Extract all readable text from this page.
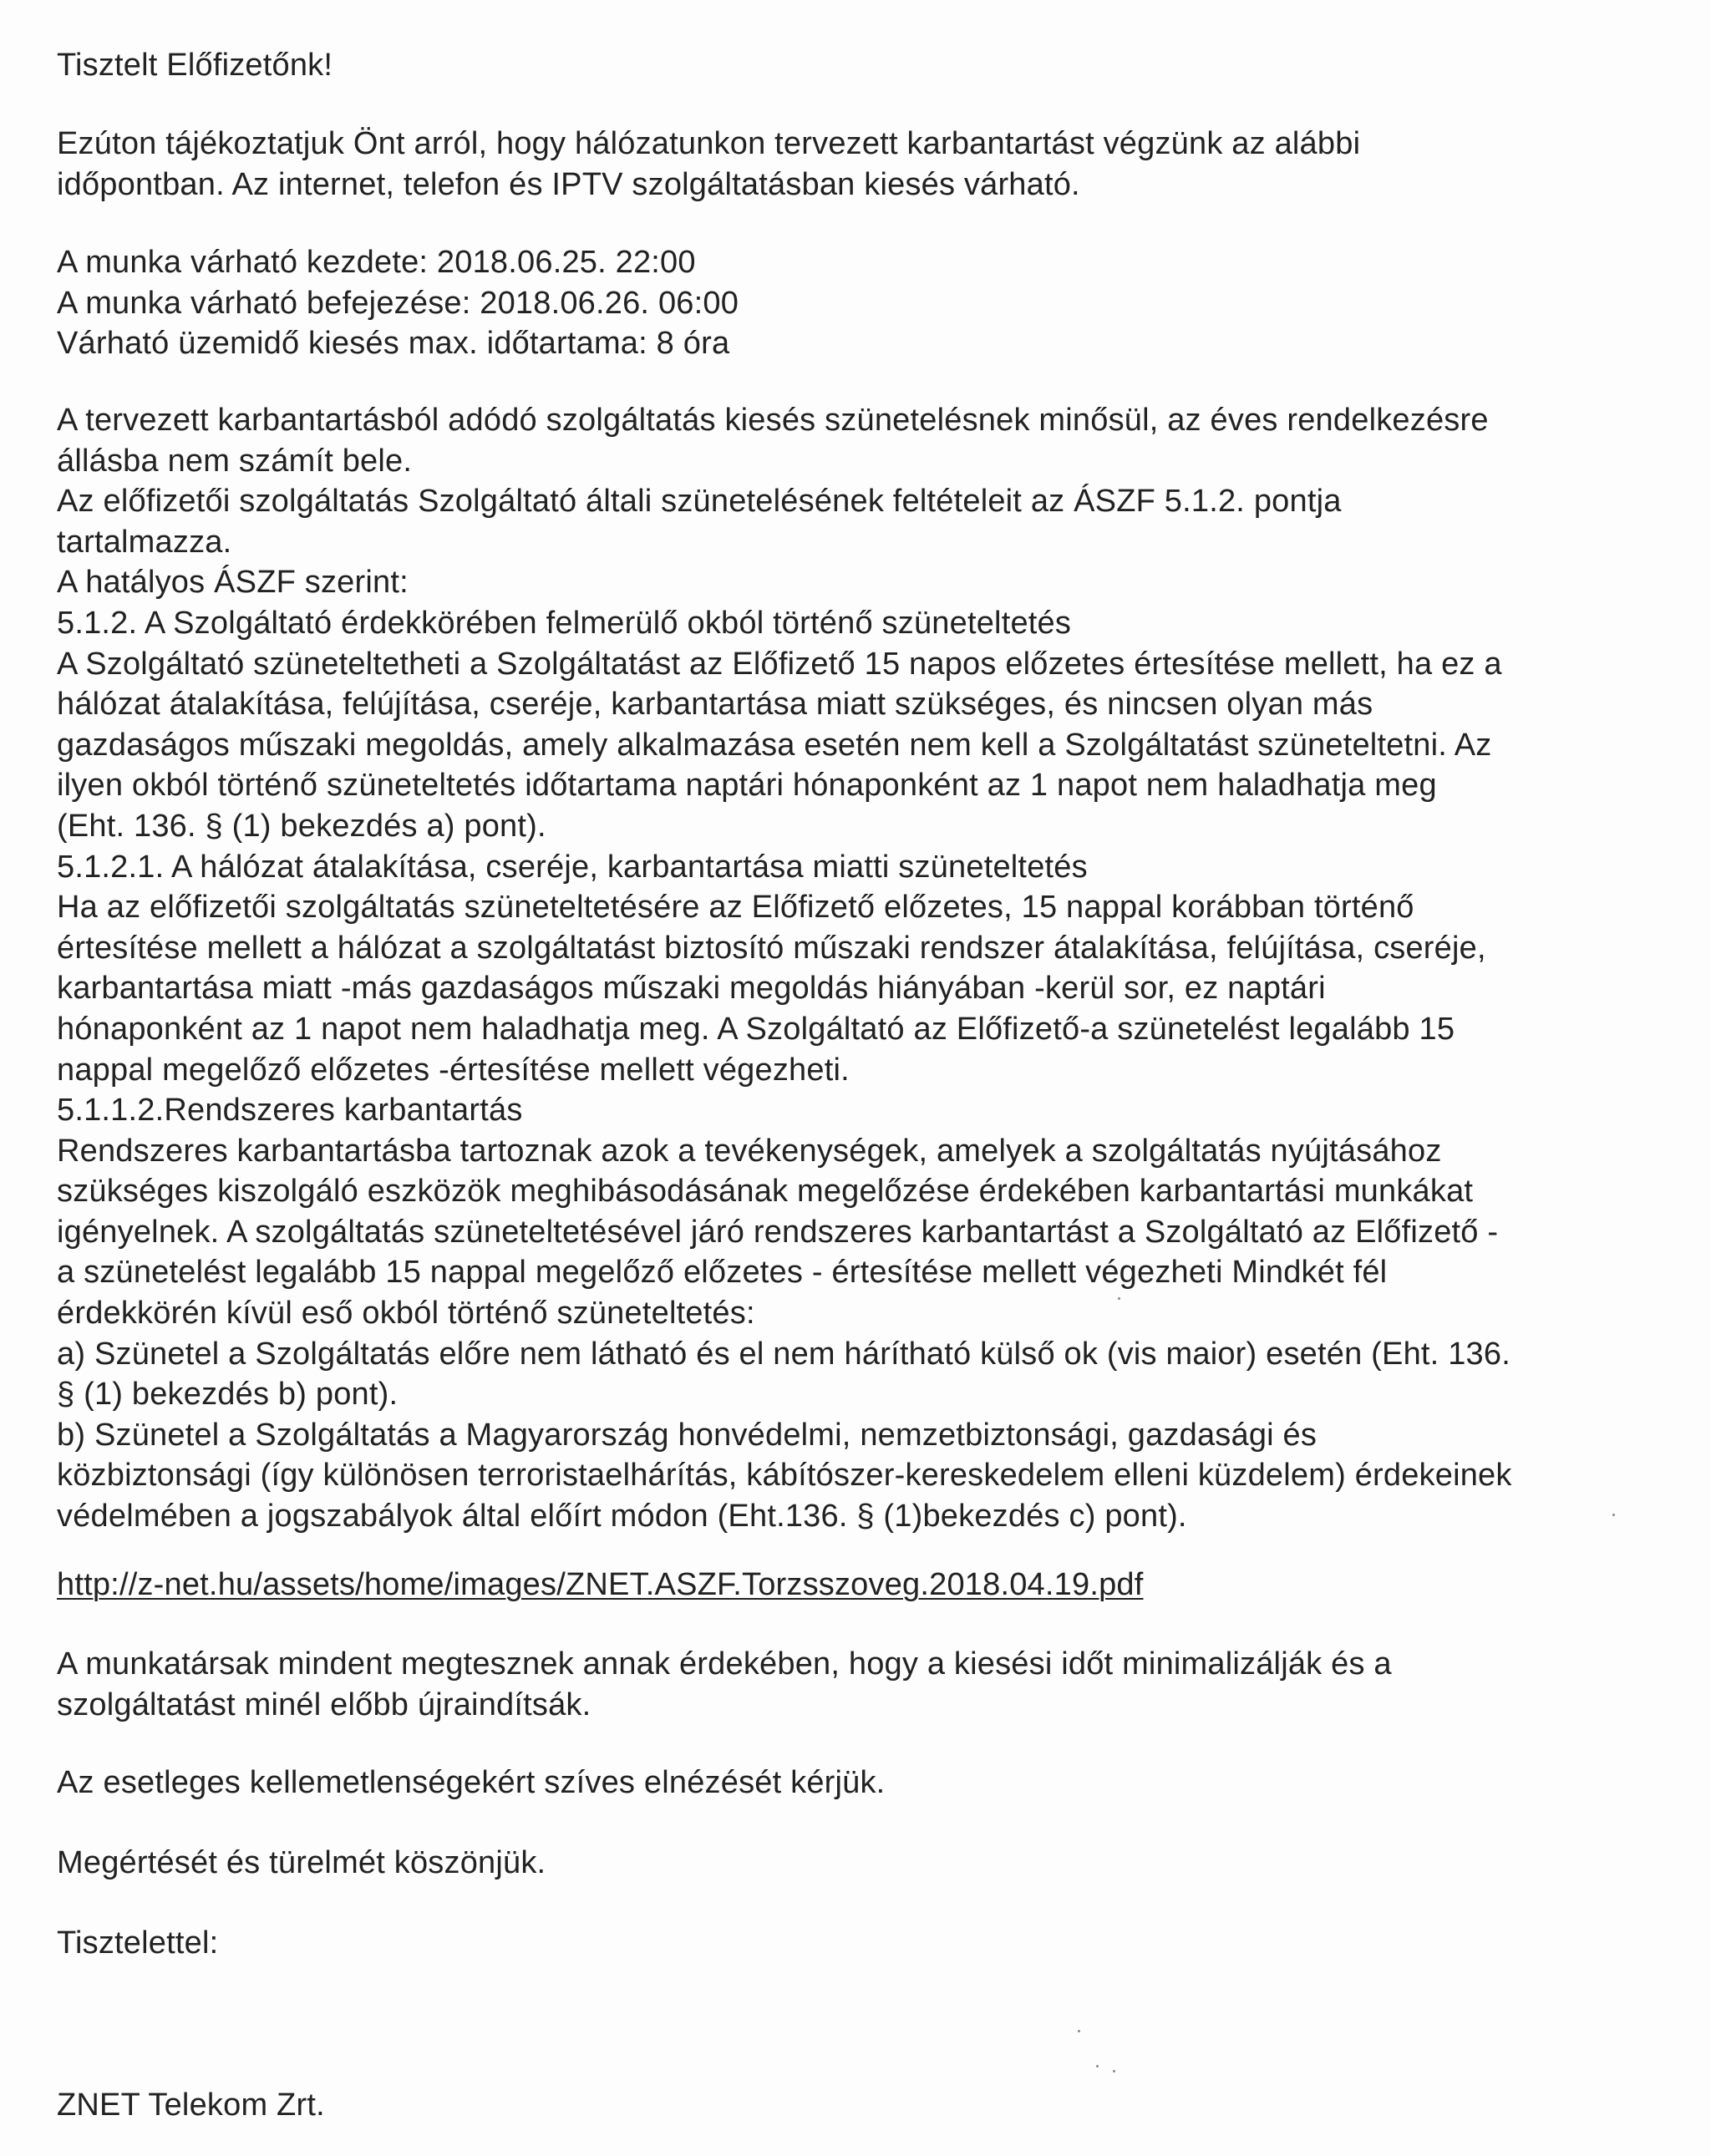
Tisztelt Előfizetőnk!
Ezúton tájékoztatjuk Önt arról, hogy hálózatunkon tervezett karbantartást végzünk az alábbi
időpontban. Az internet, telefon és IPTV szolgáltatásban kiesés várható.
A munka várható kezdete: 2018.06.25. 22:00
A munka várható befejezése: 2018.06.26. 06:00
Várható üzemidő kiesés max. időtartama: 8 óra
A tervezett karbantartásból adódó szolgáltatás kiesés szünetelésnek minősül, az éves rendelkezésre
állásba nem számít bele.
Az előfizetői szolgáltatás Szolgáltató általi szünetelésének feltételeit az ÁSZF 5.1.2. pontja
tartalmazza.
A hatályos ÁSZF szerint:
5.1.2. A Szolgáltató érdekkörében felmerülő okból történő szüneteltetés
A Szolgáltató szüneteltetheti a Szolgáltatást az Előfizető 15 napos előzetes értesítése mellett, ha ez a
hálózat átalakítása, felújítása, cseréje, karbantartása miatt szükséges, és nincsen olyan más
gazdaságos műszaki megoldás, amely alkalmazása esetén nem kell a Szolgáltatást szüneteltetni. Az
ilyen okból történő szüneteltetés időtartama naptári hónaponként az 1 napot nem haladhatja meg
(Eht. 136. § (1) bekezdés a) pont).
5.1.2.1. A hálózat átalakítása, cseréje, karbantartása miatti szüneteltetés
Ha az előfizetői szolgáltatás szüneteltetésére az Előfizető előzetes, 15 nappal korábban történő
értesítése mellett a hálózat a szolgáltatást biztosító műszaki rendszer átalakítása, felújítása, cseréje,
karbantartása miatt -más gazdaságos műszaki megoldás hiányában -kerül sor, ez naptári
hónaponként az 1 napot nem haladhatja meg. A Szolgáltató az Előfizető-a szünetelést legalább 15
nappal megelőző előzetes -értesítése mellett végezheti.
5.1.1.2.Rendszeres karbantartás
Rendszeres karbantartásba tartoznak azok a tevékenységek, amelyek a szolgáltatás nyújtásához
szükséges kiszolgáló eszközök meghibásodásának megelőzése érdekében karbantartási munkákat
igényelnek. A szolgáltatás szüneteltetésével járó rendszeres karbantartást a Szolgáltató az Előfizető -
a szünetelést legalább 15 nappal megelőző előzetes - értesítése mellett végezheti Mindkét fél
érdekkörén kívül eső okból történő szüneteltetés:
a) Szünetel a Szolgáltatás előre nem látható és el nem hárítható külső ok (vis maior) esetén (Eht. 136.
§ (1) bekezdés b) pont).
b) Szünetel a Szolgáltatás a Magyarország honvédelmi, nemzetbiztonsági, gazdasági és
közbiztonsági (így különösen terroristaelhárítás, kábítószer-kereskedelem elleni küzdelem) érdekeinek
védelmében a jogszabályok által előírt módon (Eht.136. § (1)bekezdés c) pont).
http://z-net.hu/assets/home/images/ZNET.ASZF.Torzsszoveg.2018.04.19.pdf
A munkatársak mindent megtesznek annak érdekében, hogy a kiesési időt minimalizálják és a
szolgáltatást minél előbb újraindítsák.
Az esetleges kellemetlenségekért szíves elnézését kérjük.
Megértését és türelmét köszönjük.
Tisztelettel:
ZNET Telekom Zrt.
